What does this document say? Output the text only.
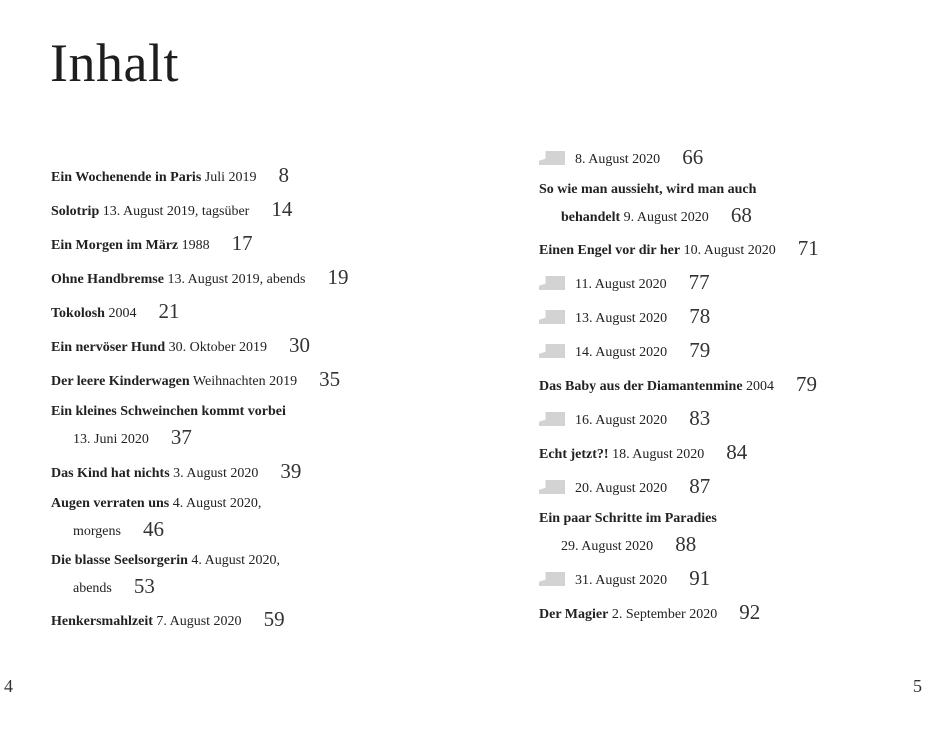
Inhalt
Ein Wochenende in Paris Juli 2019 8
Solotrip 13. August 2019, tagsüber 14
Ein Morgen im März 1988 17
Ohne Handbremse 13. August 2019, abends 19
Tokolosh 2004 21
Ein nervöser Hund 30. Oktober 2019 30
Der leere Kinderwagen Weihnachten 2019 35
Ein kleines Schweinchen kommt vorbei
13. Juni 2020 37
Das Kind hat nichts 3. August 2020 39
Augen verraten uns 4. August 2020,
morgens 46
Die blasse Seelsorgerin 4. August 2020,
abends 53
Henkersmahlzeit 7. August 2020 59
8. August 2020 66
So wie man aussieht, wird man auch
behandelt 9. August 2020 68
Einen Engel vor dir her 10. August 2020 71
11. August 2020 77
13. August 2020 78
14. August 2020 79
Das Baby aus der Diamantenmine 2004 79
16. August 2020 83
Echt jetzt?! 18. August 2020 84
20. August 2020 87
Ein paar Schritte im Paradies
29. August 2020 88
31. August 2020 91
Der Magier 2. September 2020 92
4	5
